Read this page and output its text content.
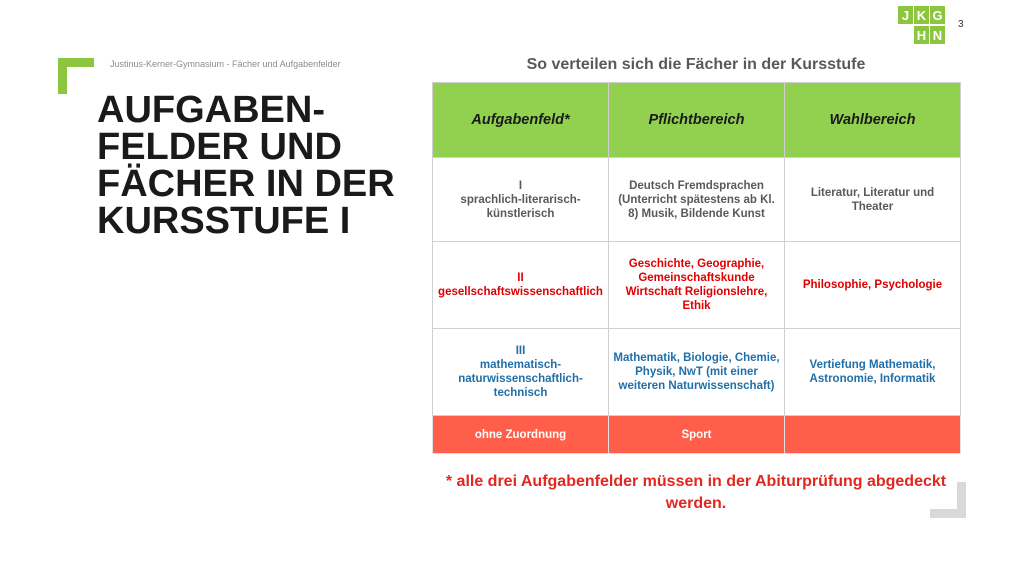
Justinus-Kerner-Gymnasium - Fächer und Aufgabenfelder
J K G
H N
3
AUFGABEN-FELDER UND FÄCHER IN DER KURSSTUFE I
So verteilen sich die Fächer in der Kursstufe
Aufgabenfeld*	Pflichtbereich	Wahlbereich

I
sprachlich-literarisch-künstlerisch	Deutsch Fremdsprachen (Unterricht spätestens ab Kl. 8) Musik, Bildende Kunst	Literatur, Literatur und Theater

II
gesellschaftswissenschaftlich	Geschichte, Geographie, Gemeinschaftskunde Wirtschaft Religionslehre, Ethik	Philosophie, Psychologie

III
mathematisch-naturwissenschaftlich-technisch	Mathematik, Biologie, Chemie, Physik, NwT (mit einer weiteren Naturwissenschaft)	Vertiefung Mathematik, Astronomie, Informatik
ohne Zuordnung	Sport	
* alle drei Aufgabenfelder müssen in der Abiturprüfung abgedeckt werden.
